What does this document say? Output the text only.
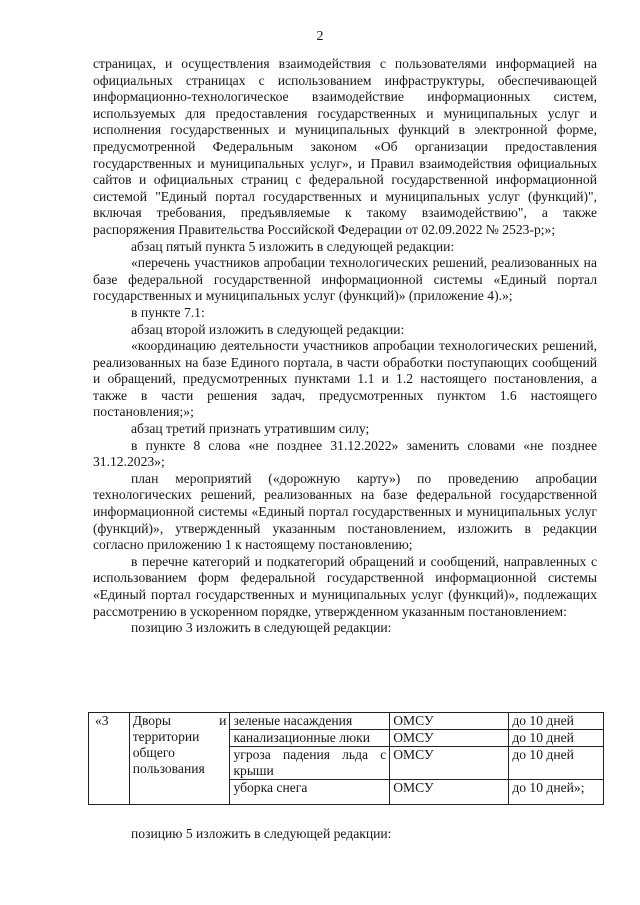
2

страницах, и осуществления взаимодействия с пользователями информацией на официальных страницах с использованием инфраструктуры, обеспечивающей информационно-технологическое взаимодействие информационных систем, используемых для предоставления государственных и муниципальных услуг и исполнения государственных и муниципальных функций в электронной форме, предусмотренной Федеральным законом «Об организации предоставления государственных и муниципальных услуг», и Правил взаимодействия официальных сайтов и официальных страниц с федеральной государственной информационной системой "Единый портал государственных и муниципальных услуг (функций)", включая требования, предъявляемые к такому взаимодействию", а также распоряжения Правительства Российской Федерации от 02.09.2022 № 2523-р;»;

абзац пятый пункта 5 изложить в следующей редакции:

«перечень участников апробации технологических решений, реализованных на базе федеральной государственной информационной системы «Единый портал государственных и муниципальных услуг (функций)» (приложение 4).»;

в пункте 7.1:

абзац второй изложить в следующей редакции:

«координацию деятельности участников апробации технологических решений, реализованных на базе Единого портала, в части обработки поступающих сообщений и обращений, предусмотренных пунктами 1.1 и 1.2 настоящего постановления, а также в части решения задач, предусмотренных пунктом 1.6 настоящего постановления;»;

абзац третий признать утратившим силу;

в пункте 8 слова «не позднее 31.12.2022» заменить словами «не позднее 31.12.2023»;

план мероприятий («дорожную карту») по проведению апробации технологических решений, реализованных на базе федеральной государственной информационной системы «Единый портал государственных и муниципальных услуг (функций)», утвержденный указанным постановлением, изложить в редакции согласно приложению 1 к настоящему постановлению;

в перечне категорий и подкатегорий обращений и сообщений, направленных с использованием форм федеральной государственной информационной системы «Единый портал государственных и муниципальных услуг (функций)», подлежащих рассмотрению в ускоренном порядке, утвержденном указанным постановлением:

позицию 3 изложить в следующей редакции:

«3	Дворы и территории общего пользования	зеленые насаждения	ОМСУ	до 10 дней
		канализационные люки	ОМСУ	до 10 дней
		угроза падения льда с крыши	ОМСУ	до 10 дней
		уборка снега	ОМСУ	до 10 дней»;
позицию 5 изложить в следующей редакции:
